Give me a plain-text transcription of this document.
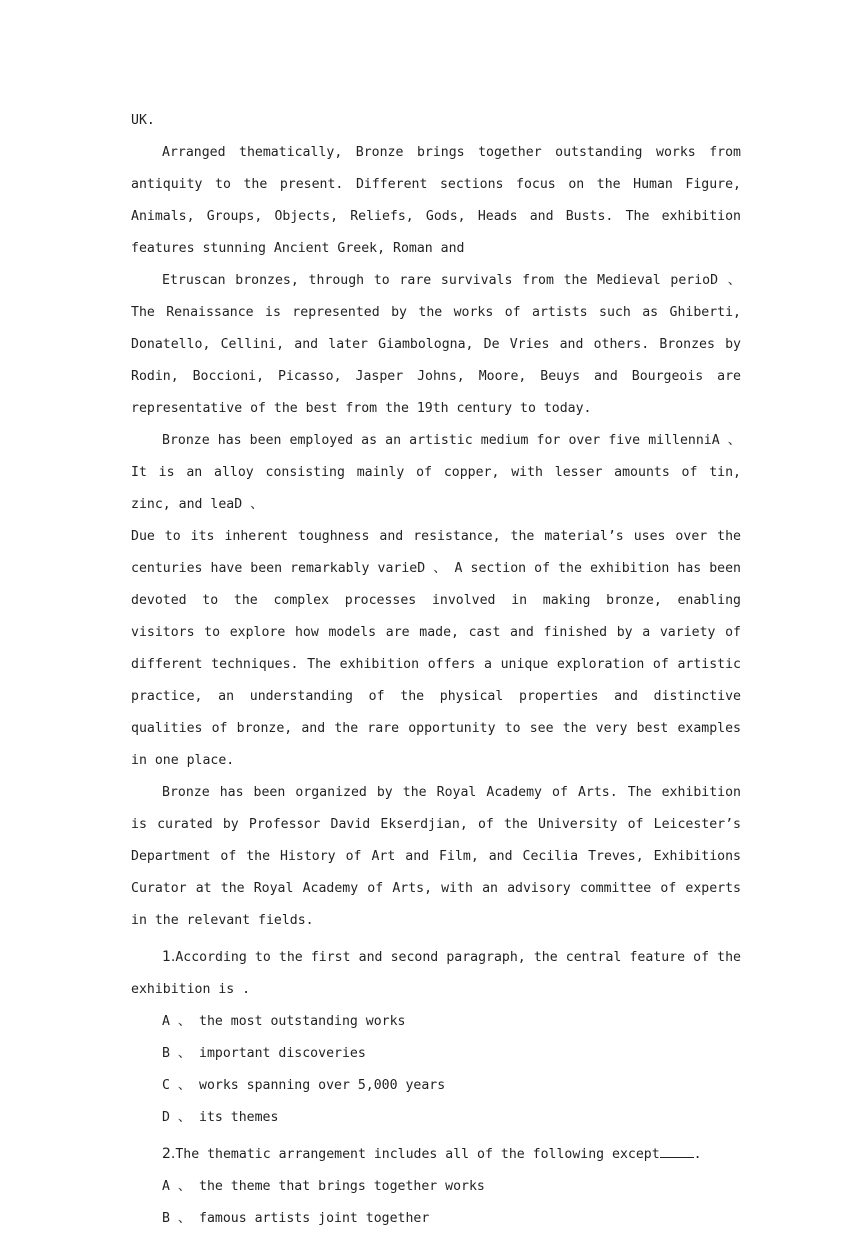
UK.

Arranged thematically, Bronze brings together outstanding works from antiquity to the present. Different sections focus on the Human Figure, Animals, Groups, Objects, Reliefs, Gods, Heads and Busts. The exhibition features stunning Ancient Greek, Roman and

Etruscan bronzes, through to rare survivals from the Medieval perioD 、 The Renaissance is represented by the works of artists such as Ghiberti, Donatello, Cellini, and later Giambologna, De Vries and others. Bronzes by Rodin, Boccioni, Picasso, Jasper Johns, Moore, Beuys and Bourgeois are representative of the best from the 19th century to today.

Bronze has been employed as an artistic medium for over five millenniA 、 It is an alloy consisting mainly of copper, with lesser amounts of tin, zinc, and leaD 、

Due to its inherent toughness and resistance, the material’s uses over the centuries have been remarkably varieD 、 A section of the exhibition has been devoted to the complex processes involved in making bronze, enabling visitors to explore how models are made, cast and finished by a variety of different techniques. The exhibition offers a unique exploration of artistic practice, an understanding of the physical properties and distinctive qualities of bronze, and the rare opportunity to see the very best examples in one place.

Bronze has been organized by the Royal Academy of Arts. The exhibition is curated by Professor David Ekserdjian, of the University of Leicester’s Department of the History of Art and Film, and Cecilia Treves, Exhibitions Curator at the Royal Academy of Arts, with an advisory committee of experts in the relevant fields.

1.According to the first and second paragraph, the central feature of the exhibition is .

A 、 the most outstanding works

B 、 important discoveries

C 、 works spanning over 5,000 years

D 、 its themes

2.The thematic arrangement includes all of the following except	.

A 、 the theme that brings together works

B 、 famous artists joint together
